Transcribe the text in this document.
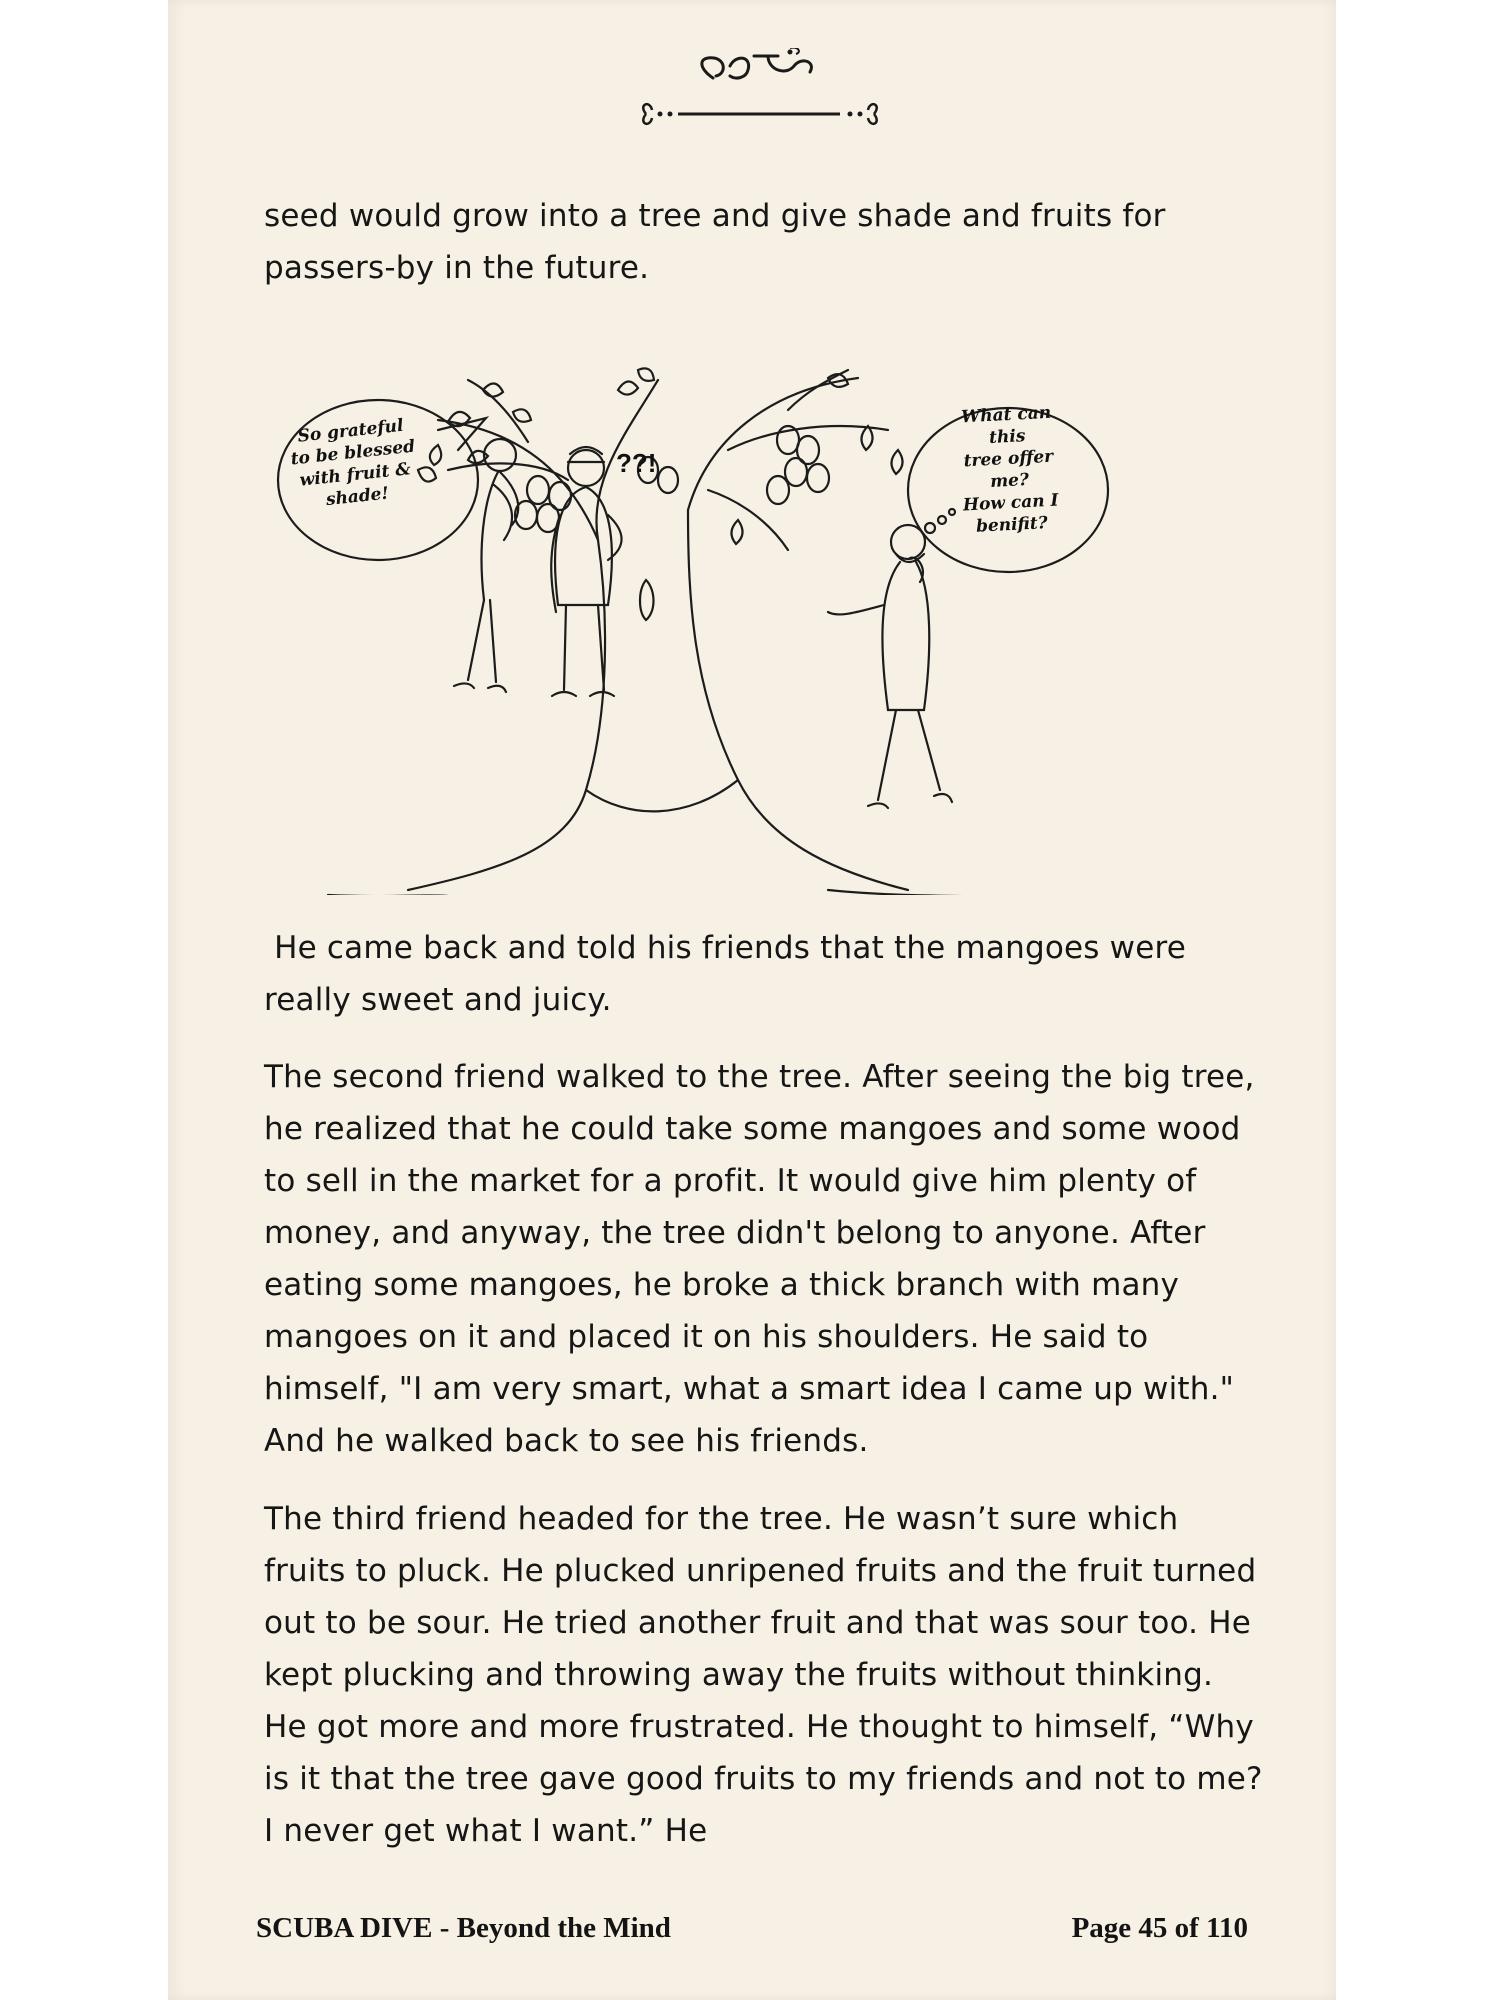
seed would grow into a tree and give shade and fruits for passers-by in the future.

So grateful
to be blessed
with fruit &
shade!
??!
What can this
tree offer me?
How can I
benifit?

He came back and told his friends that the mangoes were really sweet and juicy.

The second friend walked to the tree. After seeing the big tree, he realized that he could take some mangoes and some wood to sell in the market for a profit. It would give him plenty of money, and anyway, the tree didn't belong to anyone. After eating some mangoes, he broke a thick branch with many mangoes on it and placed it on his shoulders. He said to himself, "I am very smart, what a smart idea I came up with." And he walked back to see his friends.

The third friend headed for the tree. He wasn’t sure which fruits to pluck. He plucked unripened fruits and the fruit turned out to be sour. He tried another fruit and that was sour too. He kept plucking and throwing away the fruits without thinking. He got more and more frustrated. He thought to himself, “Why is it that the tree gave good fruits to my friends and not to me? I never get what I want.” He

SCUBA DIVE - Beyond the Mind	Page 45 of 110
